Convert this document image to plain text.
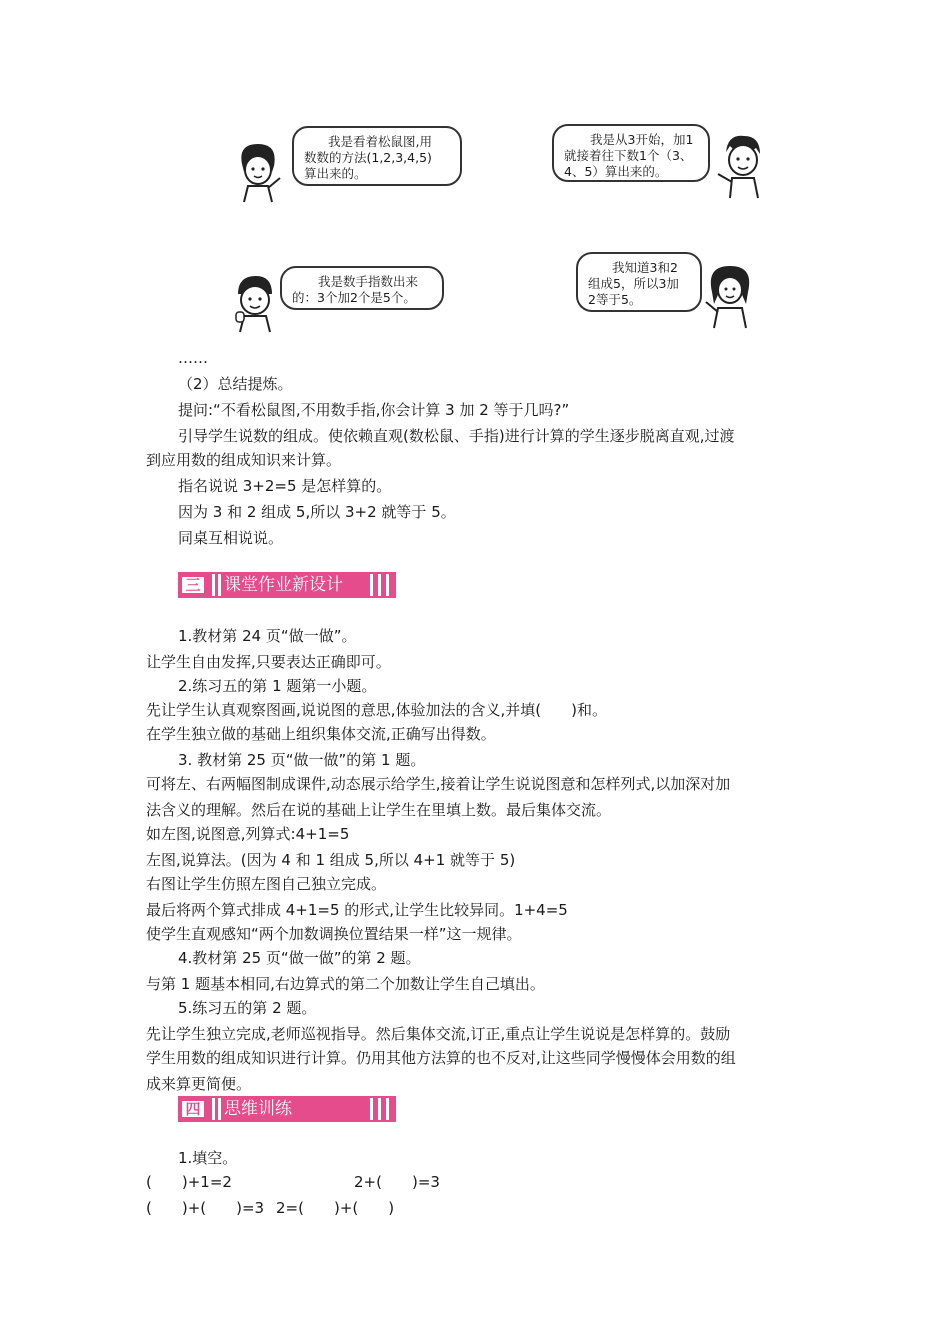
我是看着松鼠图,用
数数的方法(1,2,3,4,5)
算出来的。
我是从3开始，加1
就接着往下数1个（3、
4、5）算出来的。
我是数手指数出来
的：3个加2个是5个。
我知道3和2
组成5，所以3加
2等于5。
……
（2）总结提炼。
提问:“不看松鼠图,不用数手指,你会计算 3 加 2 等于几吗?”
引导学生说数的组成。使依赖直观(数松鼠、手指)进行计算的学生逐步脱离直观,过渡
到应用数的组成知识来计算。
指名说说 3+2=5 是怎样算的。
因为 3 和 2 组成 5,所以 3+2 就等于 5。
同桌互相说说。
三	课堂作业新设计
1.教材第 24 页“做一做”。
让学生自由发挥,只要表达正确即可。
2.练习五的第 1 题第一小题。
先让学生认真观察图画,说说图的意思,体验加法的含义,并填(　　)和。
在学生独立做的基础上组织集体交流,正确写出得数。
3. 教材第 25 页“做一做”的第 1 题。
可将左、右两幅图制成课件,动态展示给学生,接着让学生说说图意和怎样列式,以加深对加
法含义的理解。然后在说的基础上让学生在里填上数。最后集体交流。
如左图,说图意,列算式:4+1=5
左图,说算法。(因为 4 和 1 组成 5,所以 4+1 就等于 5)
右图让学生仿照左图自己独立完成。
最后将两个算式排成 4+1=5 的形式,让学生比较异同。1+4=5
使学生直观感知“两个加数调换位置结果一样”这一规律。
4.教材第 25 页“做一做”的第 2 题。
与第 1 题基本相同,右边算式的第二个加数让学生自己填出。
5.练习五的第 2 题。
先让学生独立完成,老师巡视指导。然后集体交流,订正,重点让学生说说是怎样算的。鼓励
学生用数的组成知识进行计算。仍用其他方法算的也不反对,让这些同学慢慢体会用数的组
成来算更简便。
四	思维训练
1.填空。
(　　)+1=2	2+(　　)=3
(　　)+(　　)=3 2=(　　)+(　　)
